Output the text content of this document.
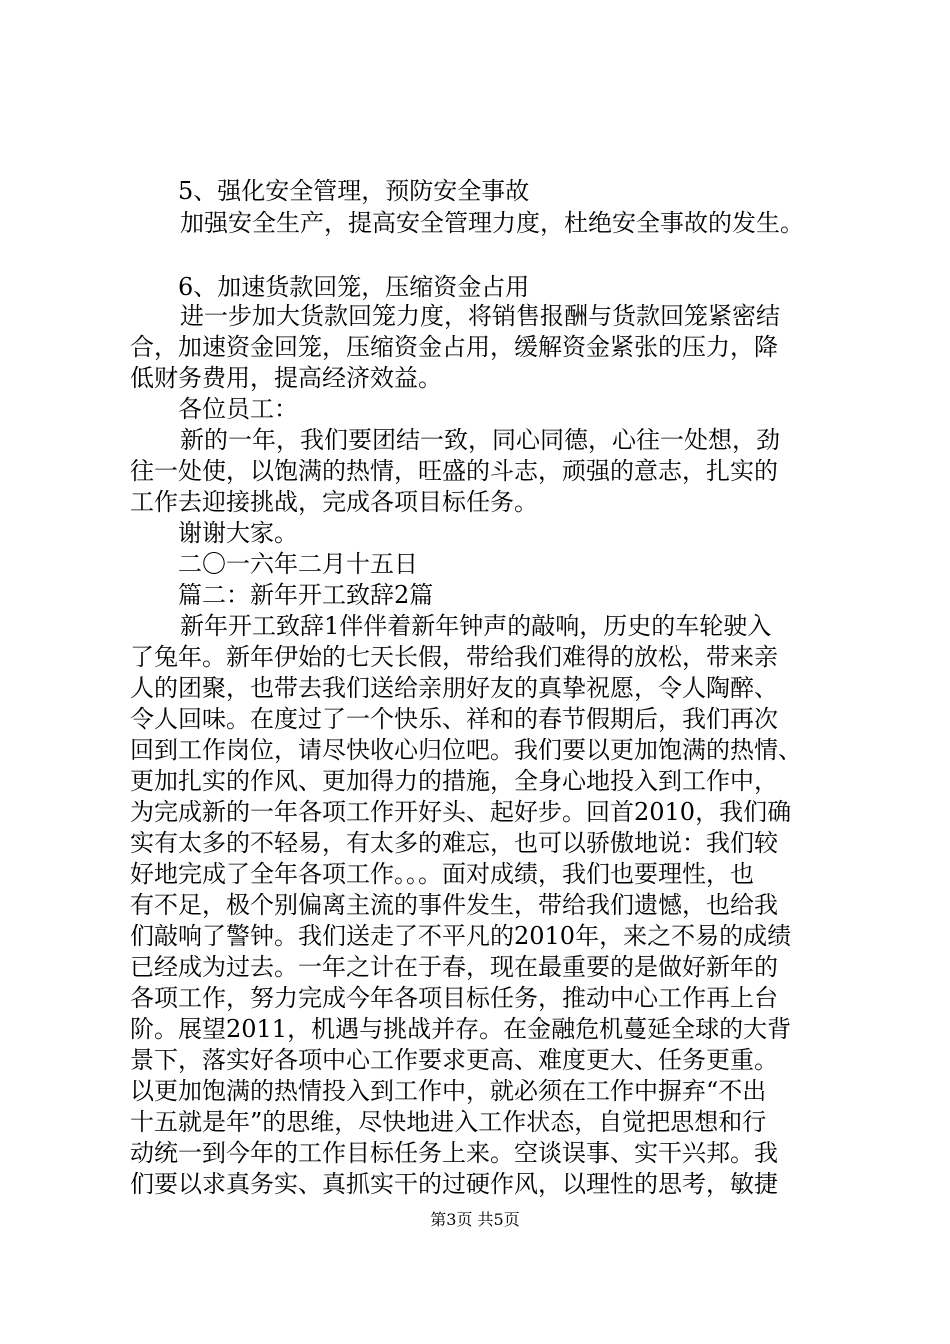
5、强化安全管理，预防安全事故
加强安全生产，提高安全管理力度，杜绝安全事故的发生。
6、加速货款回笼，压缩资金占用
进一步加大货款回笼力度，将销售报酬与货款回笼紧密结
合，加速资金回笼，压缩资金占用，缓解资金紧张的压力，降
低财务费用，提高经济效益。
各位员工：
新的一年，我们要团结一致，同心同德，心往一处想，劲
往一处使，以饱满的热情，旺盛的斗志，顽强的意志，扎实的
工作去迎接挑战，完成各项目标任务。
谢谢大家。
二〇一六年二月十五日
篇二：新年开工致辞2篇
新年开工致辞1伴伴着新年钟声的敲响，历史的车轮驶入
了兔年。新年伊始的七天长假，带给我们难得的放松，带来亲
人的团聚，也带去我们送给亲朋好友的真挚祝愿，令人陶醉、
令人回味。在度过了一个快乐、祥和的春节假期后，我们再次
回到工作岗位，请尽快收心归位吧。我们要以更加饱满的热情、
更加扎实的作风、更加得力的措施，全身心地投入到工作中，
为完成新的一年各项工作开好头、起好步。回首2010，我们确
实有太多的不轻易，有太多的难忘，也可以骄傲地说：我们较
好地完成了全年各项工作。。。面对成绩，我们也要理性，也
有不足，极个别偏离主流的事件发生，带给我们遗憾，也给我
们敲响了警钟。我们送走了不平凡的2010年，来之不易的成绩
已经成为过去。一年之计在于春，现在最重要的是做好新年的
各项工作，努力完成今年各项目标任务，推动中心工作再上台
阶。展望2011，机遇与挑战并存。在金融危机蔓延全球的大背
景下，落实好各项中心工作要求更高、难度更大、任务更重。
以更加饱满的热情投入到工作中，就必须在工作中摒弃“不出
十五就是年”的思维，尽快地进入工作状态，自觉把思想和行
动统一到今年的工作目标任务上来。空谈误事、实干兴邦。我
们要以求真务实、真抓实干的过硬作风，以理性的思考，敏捷
第3页 共5页
